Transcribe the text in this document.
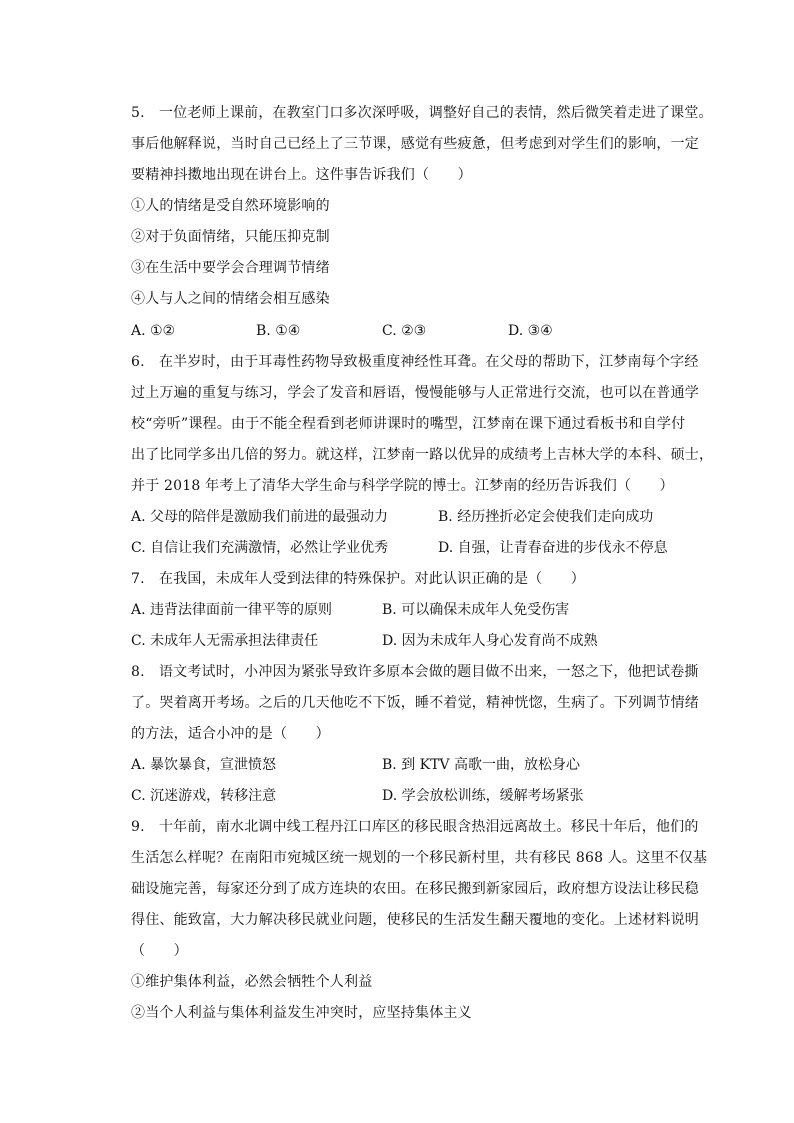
5.　一位老师上课前，在教室门口多次深呼吸，调整好自己的表情，然后微笑着走进了课堂。
事后他解释说，当时自己已经上了三节课，感觉有些疲惫，但考虑到对学生们的影响，一定
要精神抖擞地出现在讲台上。这件事告诉我们（　　）
①人的情绪是受自然环境影响的
②对于负面情绪，只能压抑克制
③在生活中要学会合理调节情绪
④人与人之间的情绪会相互感染
A. ①②	B. ①④	C. ②③	D. ③④
6.　在半岁时，由于耳毒性药物导致极重度神经性耳聋。在父母的帮助下，江梦南每个字经
过上万遍的重复与练习，学会了发音和唇语，慢慢能够与人正常进行交流，也可以在普通学
校“旁听”课程。由于不能全程看到老师讲课时的嘴型，江梦南在课下通过看板书和自学付
出了比同学多出几倍的努力。就这样，江梦南一路以优异的成绩考上吉林大学的本科、硕士，
并于 2018 年考上了清华大学生命与科学学院的博士。江梦南的经历告诉我们（　　）
A. 父母的陪伴是激励我们前进的最强动力	B. 经历挫折必定会使我们走向成功
C. 自信让我们充满激情，必然让学业优秀	D. 自强，让青春奋进的步伐永不停息
7.　在我国，未成年人受到法律的特殊保护。对此认识正确的是（　　）
A. 违背法律面前一律平等的原则	B. 可以确保未成年人免受伤害
C. 未成年人无需承担法律责任	D. 因为未成年人身心发育尚不成熟
8.　语文考试时，小冲因为紧张导致许多原本会做的题目做不出来，一怒之下，他把试卷撕
了。哭着离开考场。之后的几天他吃不下饭，睡不着觉，精神恍惚，生病了。下列调节情绪
的方法，适合小冲的是（　　）
A. 暴饮暴食，宣泄愤怒	B. 到 KTV 高歌一曲，放松身心
C. 沉迷游戏，转移注意	D. 学会放松训练，缓解考场紧张
9.　十年前，南水北调中线工程丹江口库区的移民眼含热泪远离故土。移民十年后，他们的
生活怎么样呢？在南阳市宛城区统一规划的一个移民新村里，共有移民 868 人。这里不仅基
础设施完善，每家还分到了成方连块的农田。在移民搬到新家园后，政府想方设法让移民稳
得住、能致富，大力解决移民就业问题，使移民的生活发生翻天覆地的变化。上述材料说明
（　　）
①维护集体利益，必然会牺牲个人利益
②当个人利益与集体利益发生冲突时，应坚持集体主义
